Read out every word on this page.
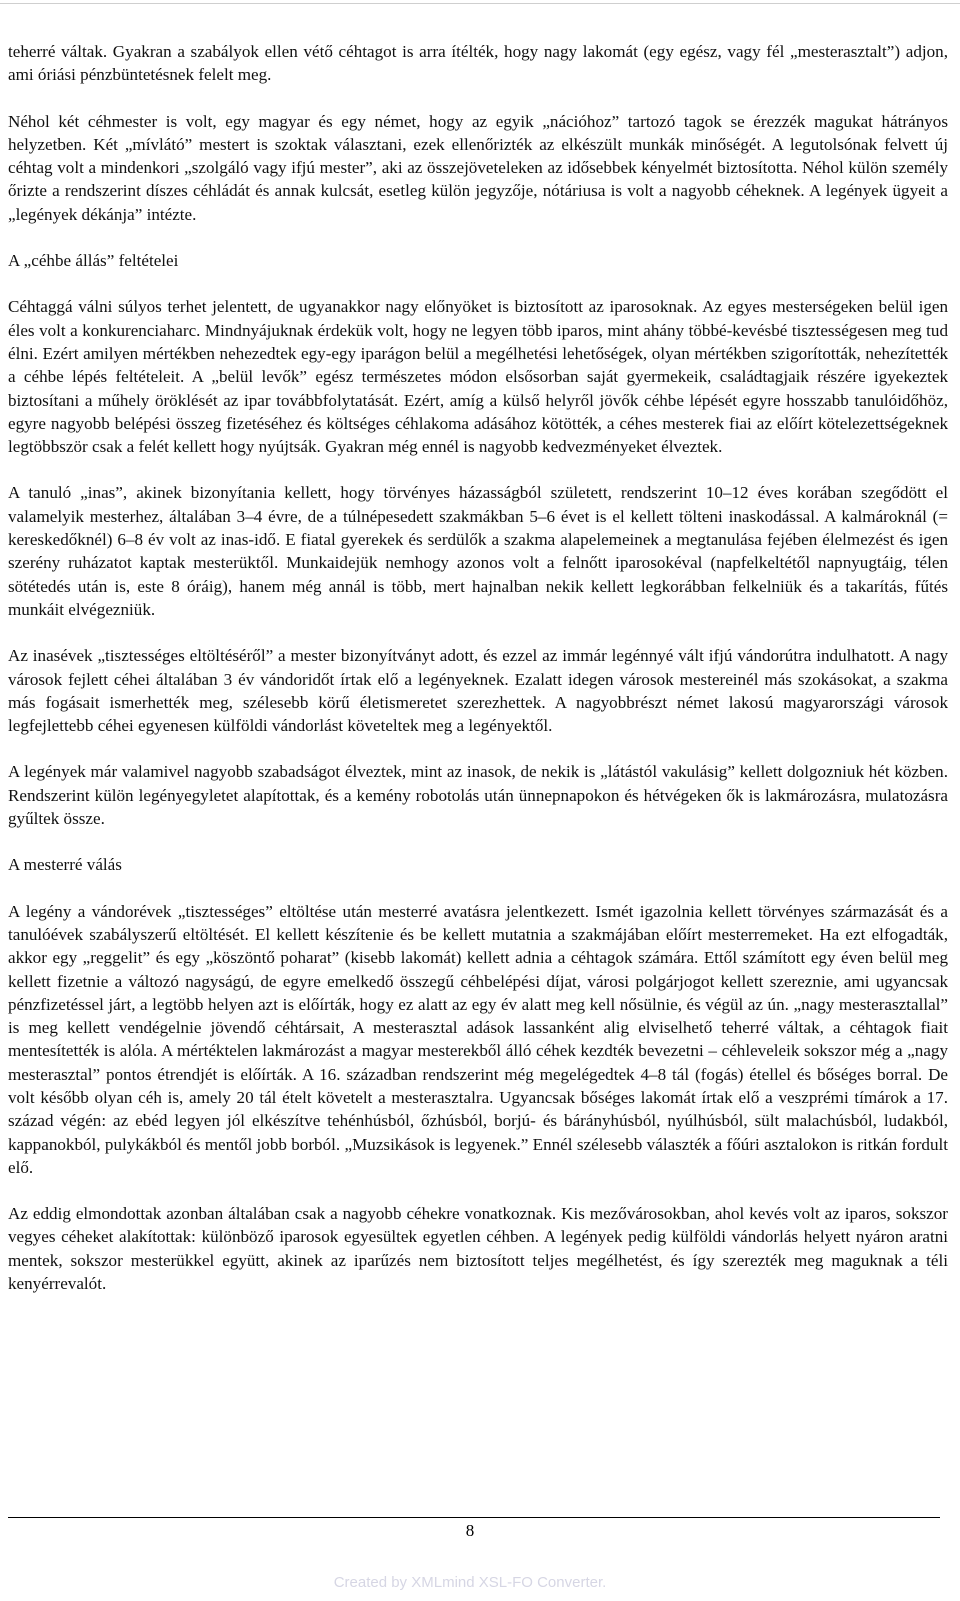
teherré váltak. Gyakran a szabályok ellen vétő céhtagot is arra ítélték, hogy nagy lakomát (egy egész, vagy fél „mesterasztalt”) adjon, ami óriási pénzbüntetésnek felelt meg.

Néhol két céhmester is volt, egy magyar és egy német, hogy az egyik „nációhoz” tartozó tagok se érezzék magukat hátrányos helyzetben. Két „mívlátó” mestert is szoktak választani, ezek ellenőrizték az elkészült munkák minőségét. A legutolsónak felvett új céhtag volt a mindenkori „szolgáló vagy ifjú mester”, aki az összejöveteleken az idősebbek kényelmét biztosította. Néhol külön személy őrizte a rendszerint díszes céhládát és annak kulcsát, esetleg külön jegyzője, nótáriusa is volt a nagyobb céheknek. A legények ügyeit a „legények dékánja” intézte.

A „céhbe állás” feltételei

Céhtaggá válni súlyos terhet jelentett, de ugyanakkor nagy előnyöket is biztosított az iparosoknak. Az egyes mesterségeken belül igen éles volt a konkurenciaharc. Mindnyájuknak érdekük volt, hogy ne legyen több iparos, mint ahány többé-kevésbé tisztességesen meg tud élni. Ezért amilyen mértékben nehezedtek egy-egy iparágon belül a megélhetési lehetőségek, olyan mértékben szigorították, nehezítették a céhbe lépés feltételeit. A „belül levők” egész természetes módon elsősorban saját gyermekeik, családtagjaik részére igyekeztek biztosítani a műhely öröklését az ipar továbbfolytatását. Ezért, amíg a külső helyről jövők céhbe lépését egyre hosszabb tanulóidőhöz, egyre nagyobb belépési összeg fizetéséhez és költséges céhlakoma adásához kötötték, a céhes mesterek fiai az előírt kötelezettségeknek legtöbbször csak a felét kellett hogy nyújtsák. Gyakran még ennél is nagyobb kedvezményeket élveztek.

A tanuló „inas”, akinek bizonyítania kellett, hogy törvényes házasságból született, rendszerint 10–12 éves korában szegődött el valamelyik mesterhez, általában 3–4 évre, de a túlnépesedett szakmákban 5–6 évet is el kellett tölteni inaskodással. A kalmároknál (= kereskedőknél) 6–8 év volt az inas-idő. E fiatal gyerekek és serdülők a szakma alapelemeinek a megtanulása fejében élelmezést és igen szerény ruházatot kaptak mesterüktől. Munkaidejük nemhogy azonos volt a felnőtt iparosokéval (napfelkeltétől napnyugtáig, télen sötétedés után is, este 8 óráig), hanem még annál is több, mert hajnalban nekik kellett legkorábban felkelniük és a takarítás, fűtés munkáit elvégezniük.

Az inasévek „tisztességes eltöltéséről” a mester bizonyítványt adott, és ezzel az immár legénnyé vált ifjú vándorútra indulhatott. A nagy városok fejlett céhei általában 3 év vándoridőt írtak elő a legényeknek. Ezalatt idegen városok mestereinél más szokásokat, a szakma más fogásait ismerhették meg, szélesebb körű életismeretet szerezhettek. A nagyobbrészt német lakosú magyarországi városok legfejlettebb céhei egyenesen külföldi vándorlást követeltek meg a legényektől.

A legények már valamivel nagyobb szabadságot élveztek, mint az inasok, de nekik is „látástól vakulásig” kellett dolgozniuk hét közben. Rendszerint külön legényegyletet alapítottak, és a kemény robotolás után ünnepnapokon és hétvégeken ők is lakmározásra, mulatozásra gyűltek össze.

A mesterré válás

A legény a vándorévek „tisztességes” eltöltése után mesterré avatásra jelentkezett. Ismét igazolnia kellett törvényes származását és a tanulóévek szabályszerű eltöltését. El kellett készítenie és be kellett mutatnia a szakmájában előírt mesterremeket. Ha ezt elfogadták, akkor egy „reggelit” és egy „köszöntő poharat” (kisebb lakomát) kellett adnia a céhtagok számára. Ettől számított egy éven belül meg kellett fizetnie a változó nagyságú, de egyre emelkedő összegű céhbelépési díjat, városi polgárjogot kellett szereznie, ami ugyancsak pénzfizetéssel járt, a legtöbb helyen azt is előírták, hogy ez alatt az egy év alatt meg kell nősülnie, és végül az ún. „nagy mesterasztallal” is meg kellett vendégelnie jövendő céhtársait, A mesterasztal adások lassanként alig elviselhető teherré váltak, a céhtagok fiait mentesítették is alóla. A mértéktelen lakmározást a magyar mesterekből álló céhek kezdték bevezetni – céhleveleik sokszor még a „nagy mesterasztal” pontos étrendjét is előírták. A 16. században rendszerint még megelégedtek 4–8 tál (fogás) étellel és bőséges borral. De volt később olyan céh is, amely 20 tál ételt követelt a mesterasztalra. Ugyancsak bőséges lakomát írtak elő a veszprémi tímárok a 17. század végén: az ebéd legyen jól elkészítve tehénhúsból, őzhúsból, borjú- és bárányhúsból, nyúlhúsból, sült malachúsból, ludakból, kappanokból, pulykákból és mentől jobb borból. „Muzsikások is legyenek.” Ennél szélesebb választék a főúri asztalokon is ritkán fordult elő.

Az eddig elmondottak azonban általában csak a nagyobb céhekre vonatkoznak. Kis mezővárosokban, ahol kevés volt az iparos, sokszor vegyes céheket alakítottak: különböző iparosok egyesültek egyetlen céhben. A legények pedig külföldi vándorlás helyett nyáron aratni mentek, sokszor mesterükkel együtt, akinek az iparűzés nem biztosított teljes megélhetést, és így szerezték meg maguknak a téli kenyérrevalót.

8
Created by XMLmind XSL-FO Converter.
